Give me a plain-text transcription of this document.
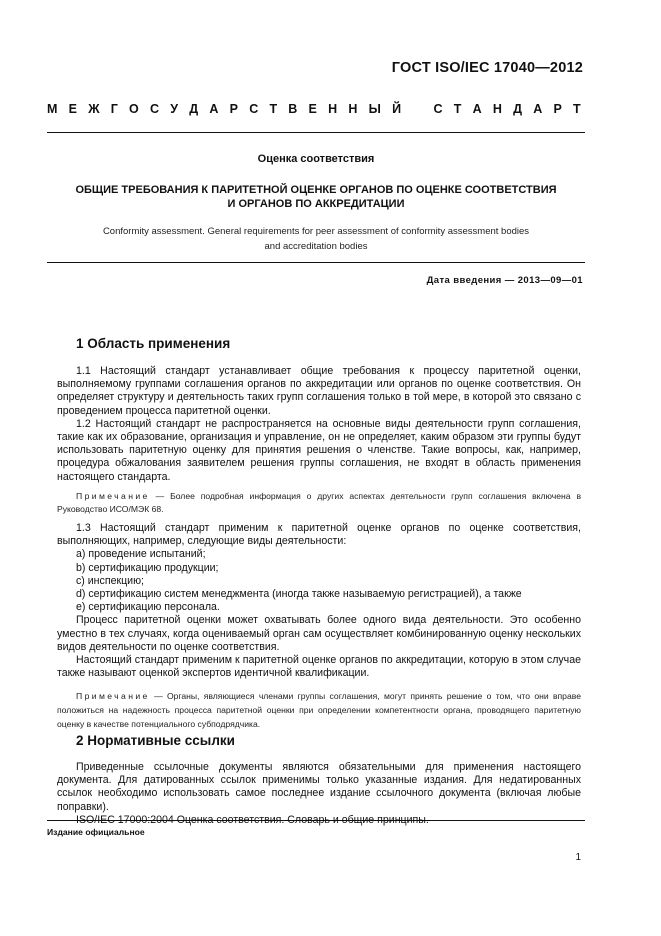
ГОСТ ISO/IEC 17040—2012
М Е Ж Г О С У Д А Р С Т В Е Н Н Ы Й	С Т А Н Д А Р Т
Оценка соответствия
ОБЩИЕ ТРЕБОВАНИЯ К ПАРИТЕТНОЙ ОЦЕНКЕ ОРГАНОВ ПО ОЦЕНКЕ СООТВЕТСТВИЯ
И ОРГАНОВ ПО АККРЕДИТАЦИИ
Conformity assessment. General requirements for peer assessment of conformity assessment bodies
and accreditation bodies
Дата введения — 2013—09—01
1 Область применения

1.1 Настоящий стандарт устанавливает общие требования к процессу паритетной оценки, выполняемому группами соглашения органов по аккредитации или органов по оценке соответствия. Он определяет структуру и деятельность таких групп соглашения только в той мере, в которой это связано с проведением процесса паритетной оценки.

1.2 Настоящий стандарт не распространяется на основные виды деятельности групп соглашения, такие как их образование, организация и управление, он не определяет, каким образом эти группы будут использовать паритетную оценку для принятия решения о членстве. Такие вопросы, как, например, процедура обжалования заявителем решения группы соглашения, не входят в область применения настоящего стандарта.

Примечание — Более подробная информация о других аспектах деятельности групп соглашения включена в Руководство ИСО/МЭК 68.

1.3 Настоящий стандарт применим к паритетной оценке органов по оценке соответствия, выполняющих, например, следующие виды деятельности:

a) проведение испытаний;
b) сертификацию продукции;
c) инспекцию;
d) сертификацию систем менеджмента (иногда также называемую регистрацией), а также
e) сертификацию персонала.

Процесс паритетной оценки может охватывать более одного вида деятельности. Это особенно уместно в тех случаях, когда оцениваемый орган сам осуществляет комбинированную оценку нескольких видов деятельности по оценке соответствия.

Настоящий стандарт применим к паритетной оценке органов по аккредитации, которую в этом случае также называют оценкой экспертов идентичной квалификации.

Примечание — Органы, являющиеся членами группы соглашения, могут принять решение о том, что они вправе положиться на надежность процесса паритетной оценки при определении компетентности органа, проводящего паритетную оценку в качестве потенциального субподрядчика.

2 Нормативные ссылки

Приведенные ссылочные документы являются обязательными для применения настоящего документа. Для датированных ссылок применимы только указанные издания. Для недатированных ссылок необходимо использовать самое последнее издание ссылочного документа (включая любые поправки).

ISO/IEC 17000:2004 Оценка соответствия. Словарь и общие принципы.

Издание официальное
1
